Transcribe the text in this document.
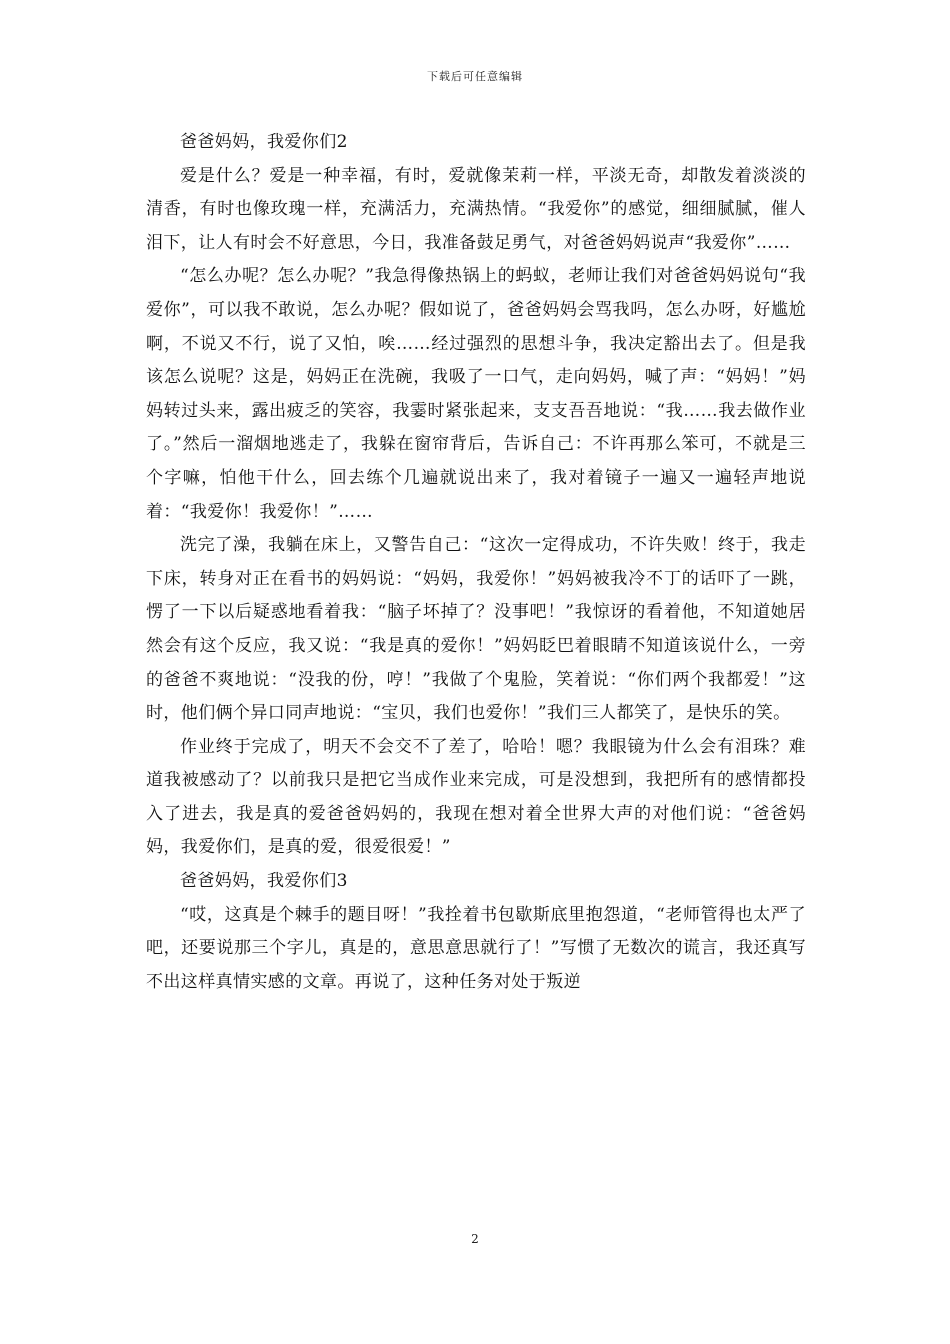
下载后可任意编辑

爸爸妈妈，我爱你们2

爱是什么？爱是一种幸福，有时，爱就像茉莉一样，平淡无奇，却散发着淡淡的清香，有时也像玫瑰一样，充满活力，充满热情。“我爱你”的感觉，细细腻腻，催人泪下，让人有时会不好意思，今日，我准备鼓足勇气，对爸爸妈妈说声“我爱你”……

“怎么办呢？怎么办呢？”我急得像热锅上的蚂蚁，老师让我们对爸爸妈妈说句“我爱你”，可以我不敢说，怎么办呢？假如说了，爸爸妈妈会骂我吗，怎么办呀，好尴尬啊，不说又不行，说了又怕，唉……经过强烈的思想斗争，我决定豁出去了。但是我该怎么说呢？这是，妈妈正在洗碗，我吸了一口气，走向妈妈，喊了声：“妈妈！”妈妈转过头来，露出疲乏的笑容，我霎时紧张起来，支支吾吾地说：“我……我去做作业了。”然后一溜烟地逃走了，我躲在窗帘背后，告诉自己：不许再那么笨可，不就是三个字嘛，怕他干什么，回去练个几遍就说出来了，我对着镜子一遍又一遍轻声地说着：“我爱你！我爱你！”……

洗完了澡，我躺在床上，又警告自己：“这次一定得成功，不许失败！终于，我走下床，转身对正在看书的妈妈说：“妈妈，我爱你！”妈妈被我冷不丁的话吓了一跳，愣了一下以后疑惑地看着我：“脑子坏掉了？没事吧！”我惊讶的看着他，不知道她居然会有这个反应，我又说：“我是真的爱你！”妈妈眨巴着眼睛不知道该说什么，一旁的爸爸不爽地说：“没我的份，哼！”我做了个鬼脸，笑着说：“你们两个我都爱！”这时，他们俩个异口同声地说：“宝贝，我们也爱你！”我们三人都笑了，是快乐的笑。

作业终于完成了，明天不会交不了差了，哈哈！嗯？我眼镜为什么会有泪珠？难道我被感动了？以前我只是把它当成作业来完成，可是没想到，我把所有的感情都投入了进去，我是真的爱爸爸妈妈的，我现在想对着全世界大声的对他们说：“爸爸妈妈，我爱你们，是真的爱，很爱很爱！”

爸爸妈妈，我爱你们3

“哎，这真是个棘手的题目呀！”我拴着书包歇斯底里抱怨道，“老师管得也太严了吧，还要说那三个字儿，真是的，意思意思就行了！”写惯了无数次的谎言，我还真写不出这样真情实感的文章。再说了，这种任务对处于叛逆

2
